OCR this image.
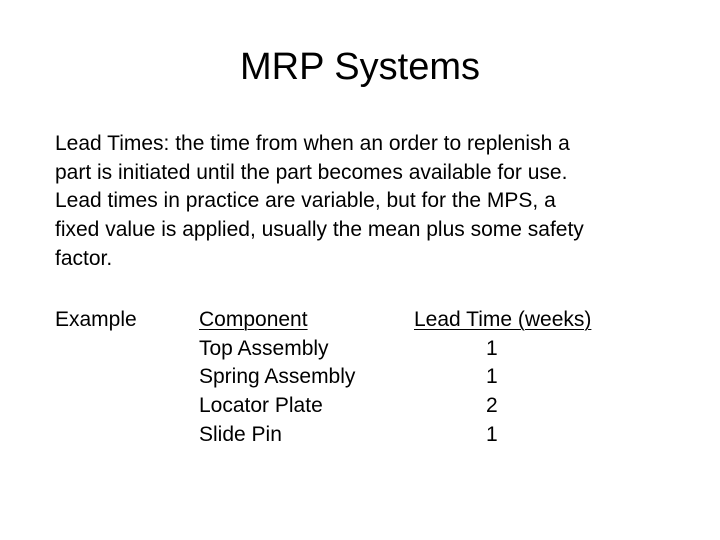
MRP Systems
Lead Times: the time from when an order to replenish a
part is initiated until the part becomes available for use.
Lead times in practice are variable, but for the MPS, a
fixed value is applied, usually the mean plus some safety
factor.
Example	Component
Top Assembly
Spring Assembly
Locator Plate
Slide Pin
Lead Time (weeks)
1
1
2
1
